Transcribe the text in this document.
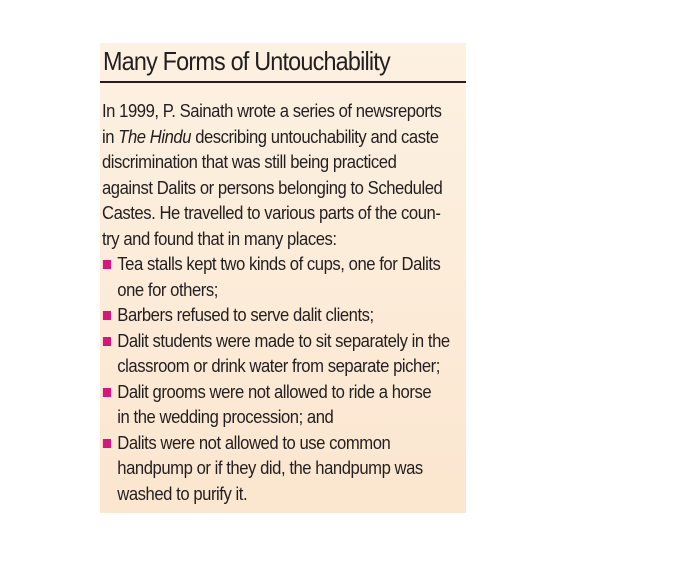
Many Forms of Untouchability
In 1999, P. Sainath wrote a series of newsreports
in The Hindu describing untouchability and caste
discrimination that was still being practiced
against Dalits or persons belonging to Scheduled
Castes. He travelled to various parts of the coun-
try and found that in many places:
Tea stalls kept two kinds of cups, one for Dalits
one for others;
Barbers refused to serve dalit clients;
Dalit students were made to sit separately in the
classroom or drink water from separate picher;
Dalit grooms were not allowed to ride a horse
in the wedding procession; and
Dalits were not allowed to use common
handpump or if they did, the handpump was
washed to purify it.
